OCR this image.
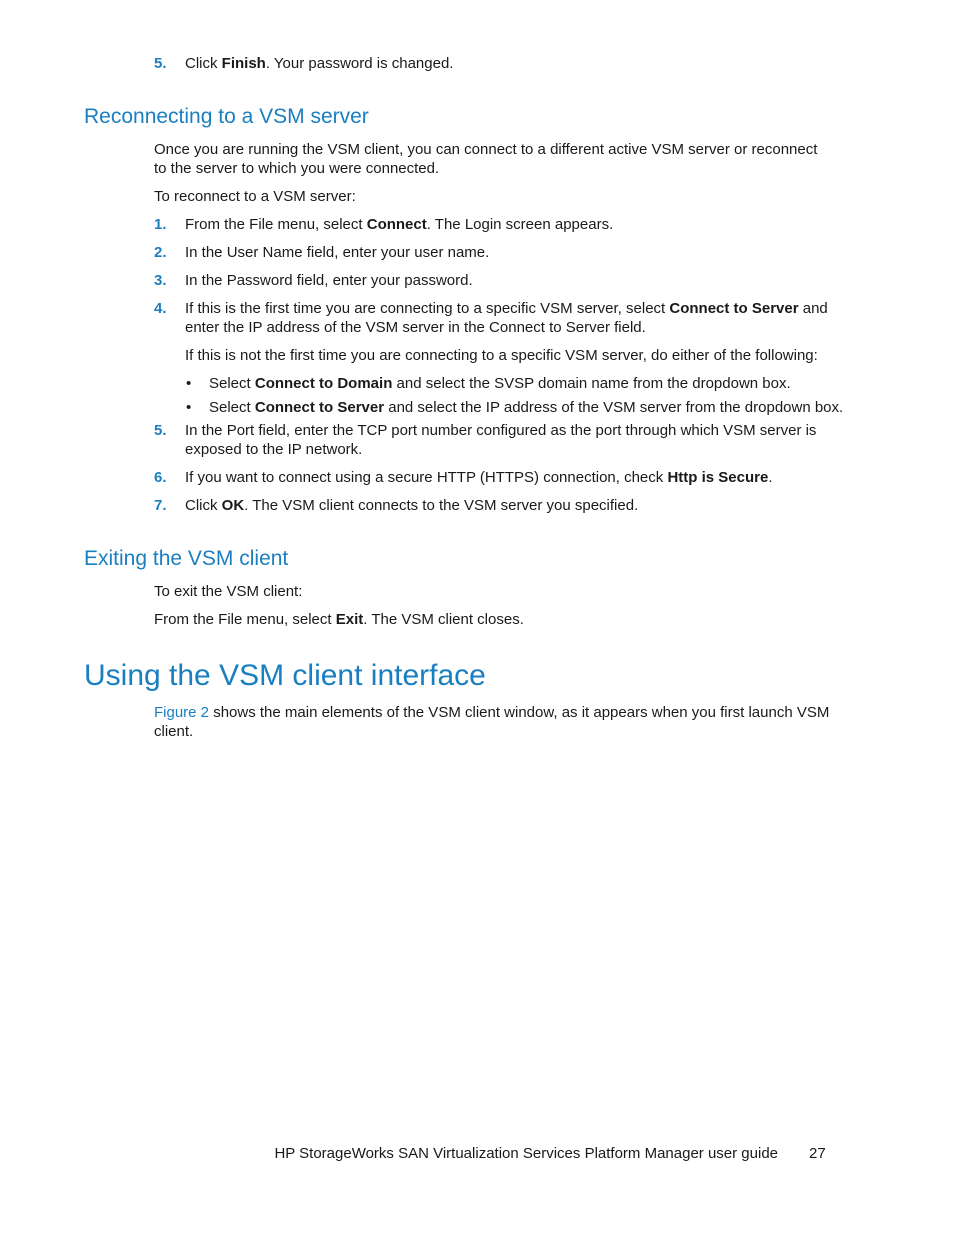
5. Click Finish. Your password is changed.
Reconnecting to a VSM server
Once you are running the VSM client, you can connect to a different active VSM server or reconnect to the server to which you were connected.
To reconnect to a VSM server:
1. From the File menu, select Connect. The Login screen appears.
2. In the User Name field, enter your user name.
3. In the Password field, enter your password.
4. If this is the first time you are connecting to a specific VSM server, select Connect to Server and enter the IP address of the VSM server in the Connect to Server field.
If this is not the first time you are connecting to a specific VSM server, do either of the following:
• Select Connect to Domain and select the SVSP domain name from the dropdown box.
• Select Connect to Server and select the IP address of the VSM server from the dropdown box.
5. In the Port field, enter the TCP port number configured as the port through which VSM server is exposed to the IP network.
6. If you want to connect using a secure HTTP (HTTPS) connection, check Http is Secure.
7. Click OK. The VSM client connects to the VSM server you specified.
Exiting the VSM client
To exit the VSM client:
From the File menu, select Exit. The VSM client closes.
Using the VSM client interface
Figure 2 shows the main elements of the VSM client window, as it appears when you first launch VSM client.
HP StorageWorks SAN Virtualization Services Platform Manager user guide 27
